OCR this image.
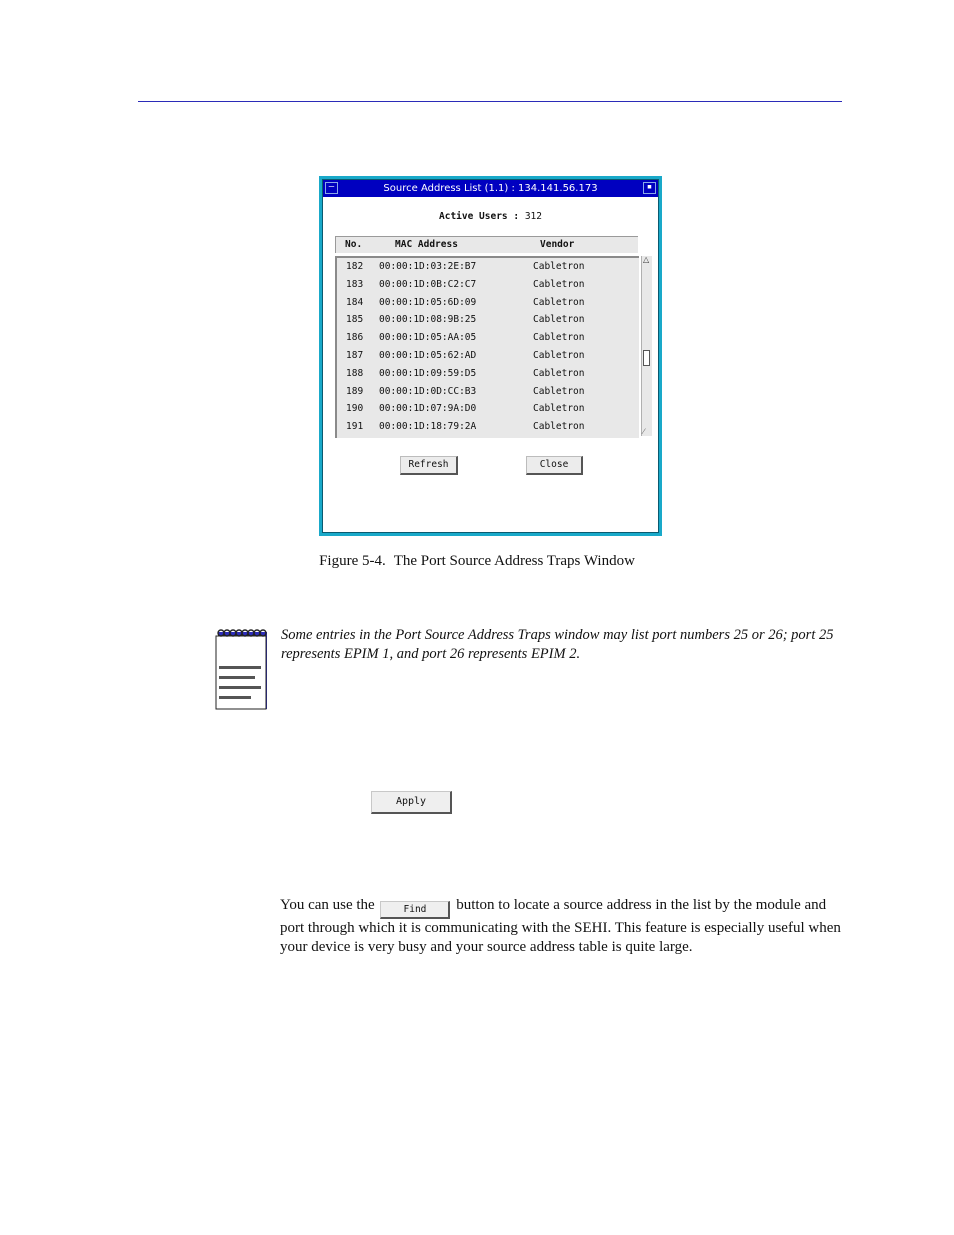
—	Source Address List (1.1) : 134.141.56.173	▪
Active Users : 312
No.	MAC Address	Vendor
182 00:00:1D:03:2E:B7	Cabletron
183 00:00:1D:0B:C2:C7	Cabletron
184 00:00:1D:05:6D:09	Cabletron
185 00:00:1D:08:9B:25	Cabletron
186 00:00:1D:05:AA:05	Cabletron
187 00:00:1D:05:62:AD	Cabletron
188 00:00:1D:09:59:D5	Cabletron
189 00:00:1D:0D:CC:B3	Cabletron
190 00:00:1D:07:9A:D0	Cabletron
191 00:00:1D:18:79:2A	Cabletron
△
⁄
Refresh	Close
Figure 5-4. The Port Source Address Traps Window
Some entries in the Port Source Address Traps window may list port numbers 25 or 26; port 25 represents EPIM 1, and port 26 represents EPIM 2.
Apply
You can use the	Find button to locate a source address in the list by the module and port through which it is communicating with the SEHI. This feature is especially useful when your device is very busy and your source address table is quite large.
